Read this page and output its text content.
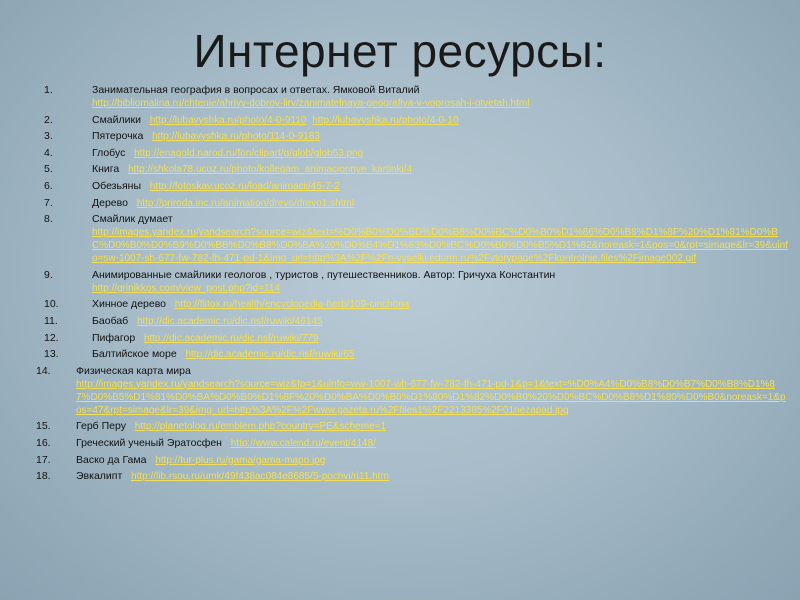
Интернет ресурсы:
1.	Занимательная география в вопросах и ответах. Ямковой Виталий
http://bibliomalina.ru/chtenie/ahrivy-dobroy-lirv/zanimatelnaya-geografiya-v-voprosah-i-otvetah.html
2.	Смайлики http://lubavyshka.ru/photo/4-0-9110 http://lubavyshka.ru/photo/4-0-10
3.	Пятерочка http://lubavyshka.ru/photo/114-0-9183
4.	Глобус http://enagold.narod.ru/fon/clipart/g/glob/glob53.png
5.	Книга http://shkola78.ucoz.ru/photo/kollegam_animacionnye_kartinki/4
6.	Обезьяны http://fotoskav.ucoz.ru/load/animacii/45-7-2
7.	Дерево http://priroda.inc.ru/animation/drevo/drevo1.shtml
8.	Смайлик думает
http://images.yandex.ru/yandsearch?source=wiz&text=%D0%B0%D0%BD%D0%B8%D0%BC%D0%B0%D1%86%D0%B8%D1%8F%20%D1%81%D0%BC%D0%B0%D0%B9%D0%BB%D0%B8%D0%BA%20%D0%B4%D1%83%D0%BC%D0%B0%D0%B5%D1%82&noreask=1&pos=0&rpt=simage&lr=39&uinfo=sw-1007-sh-677-fw-782-fh-471-pd-1&img_url=http%3A%2F%2Fn-vyselki.edurm.ru%2Fvtorypage%2Fkontrolnie.files%2Fimage002.gif
9.	Анимированные смайлики геологов , туристов , путешественников. Автор: Гричуха Константин
http://grinikkos.com/view_post.php?id=114
10.	Хинное дерево http://flitox.ru/health/encyclopedia-herb/109-cinchona
11.	Баобаб http://dic.academic.ru/dic.nsf/ruwiki/46145
12.	Пифагор http://dic.academic.ru/dic.nsf/ruwiki/779
13.	Балтийское море http://dic.academic.ru/dic.nsf/ruwiki/65
14. Физическая карта мира
http://images.yandex.ru/yandsearch?source=wiz&fp=1&uinfo=ww-1007-wh-677-fw-782-fh-471-pd-1&p=1&text=%D0%A4%D0%B8%D0%B7%D0%B8%D1%87%D0%B5%D1%81%D0%BA%D0%B0%D1%8F%20%D0%BA%D0%B0%D1%80%D1%82%D0%B0%20%D0%BC%D0%B8%D1%80%D0%B0&noreask=1&pos=47&rpt=simage&lr=39&img_url=http%3A%2F%2Fwww.gazeta.ru%2Ffiles1%2F2213385%2F01nezapad.jpg
15. Герб Перу http://planetolog.ru/emblem.php?country=PE&scheme=1
16. Греческий ученый Эратосфен http://www.calend.ru/event/4148/
17. Васко да Гама http://tur-plus.ru/gama/gama-mapo.jpg
18. Эвкалипт http://lib.rsou.ru/umk/49f438ac084e8685/5-pochvi/ri11.htm
